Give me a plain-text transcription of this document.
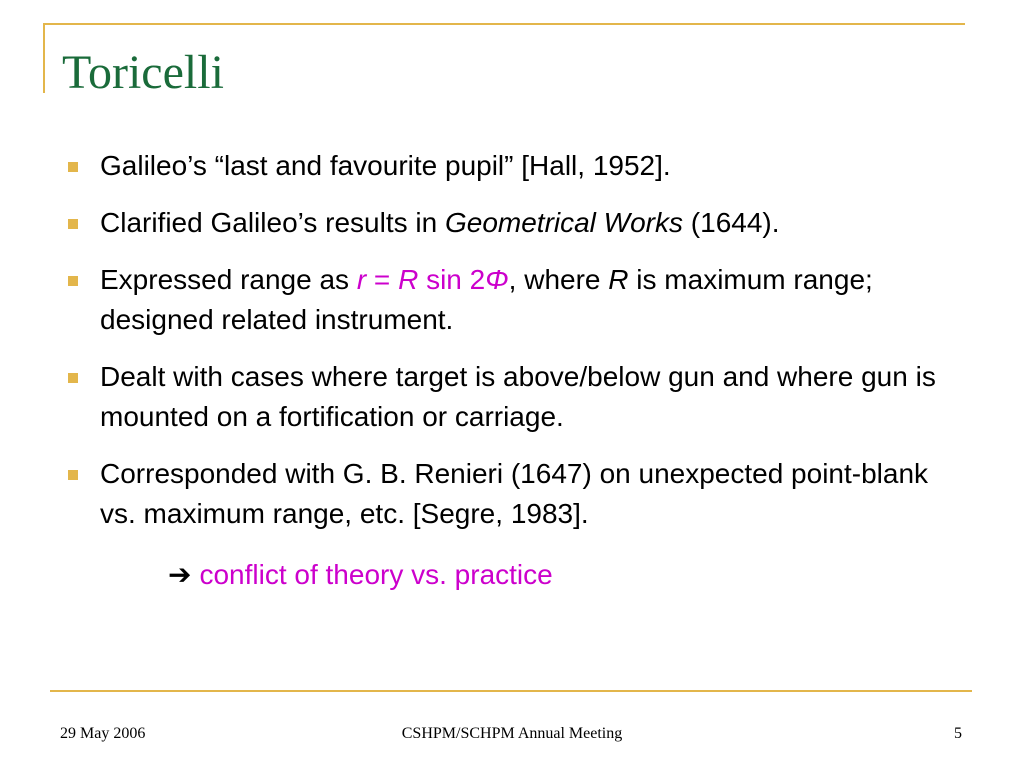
Toricelli
Galileo’s “last and favourite pupil” [Hall, 1952].
Clarified Galileo’s results in Geometrical Works (1644).
Expressed range as r = R sin 2Φ, where R is maximum range; designed related instrument.
Dealt with cases where target is above/below gun and where gun is mounted on a fortification or carriage.
Corresponded with G. B. Renieri (1647) on unexpected point-blank vs. maximum range, etc. [Segre, 1983].
➔ conflict of theory vs. practice
29 May 2006	CSHPM/SCHPM Annual Meeting	5
